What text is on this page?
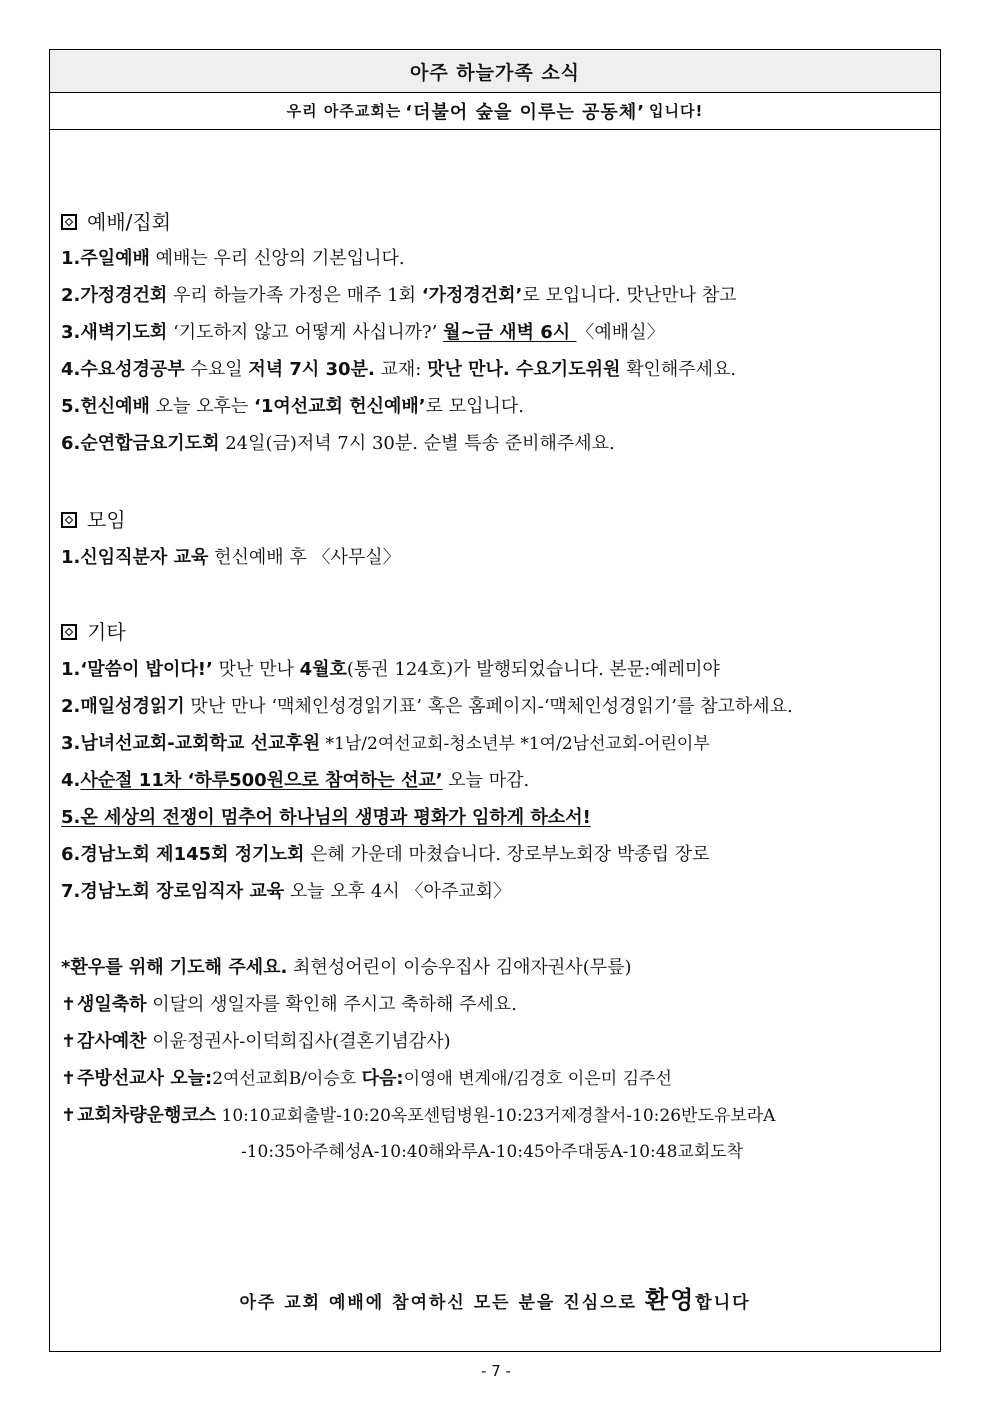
아주 하늘가족 소식
우리 아주교회는 ‘더불어 숲을 이루는 공동체’ 입니다!
예배/집회
1.주일예배 예배는 우리 신앙의 기본입니다.
2.가정경건회 우리 하늘가족 가정은 매주 1회 ‘가정경건회’로 모입니다. 맛난만나 참고
3.새벽기도회 ‘기도하지 않고 어떻게 사십니까?’ 월~금 새벽 6시 〈예배실〉
4.수요성경공부 수요일 저녁 7시 30분. 교재: 맛난 만나. 수요기도위원 확인해주세요.
5.헌신예배 오늘 오후는 ‘1여선교회 헌신예배’로 모입니다.
6.순연합금요기도회 24일(금)저녁 7시 30분. 순별 특송 준비해주세요.
모임
1.신임직분자 교육 헌신예배 후 〈사무실〉
기타
1.‘말씀이 밥이다!’ 맛난 만나 4월호(통권 124호)가 발행되었습니다. 본문:예레미야
2.매일성경읽기 맛난 만나 ‘맥체인성경읽기표’ 혹은 홈페이지-‘맥체인성경읽기’를 참고하세요.
3.남녀선교회-교회학교 선교후원 *1남/2여선교회-청소년부 *1여/2남선교회-어린이부
4.사순절 11차 ‘하루500원으로 참여하는 선교’ 오늘 마감.
5.온 세상의 전쟁이 멈추어 하나님의 생명과 평화가 임하게 하소서!
6.경남노회 제145회 정기노회 은혜 가운데 마쳤습니다. 장로부노회장 박종립 장로
7.경남노회 장로임직자 교육 오늘 오후 4시 〈아주교회〉
*환우를 위해 기도해 주세요. 최현성어린이 이승우집사 김애자권사(무릎)
✝생일축하 이달의 생일자를 확인해 주시고 축하해 주세요.
✝감사예찬 이윤정권사-이덕희집사(결혼기념감사)
✝주방선교사 오늘:2여선교회B/이승호 다음:이영애 변계애/김경호 이은미 김주선
✝교회차량운행코스 10:10교회출발-10:20옥포센텀병원-10:23거제경찰서-10:26반도유보라A
-10:35아주혜성A-10:40해와루A-10:45아주대동A-10:48교회도착
아주 교회 예배에 참여하신 모든 분을 진심으로 환영합니다
- 7 -
